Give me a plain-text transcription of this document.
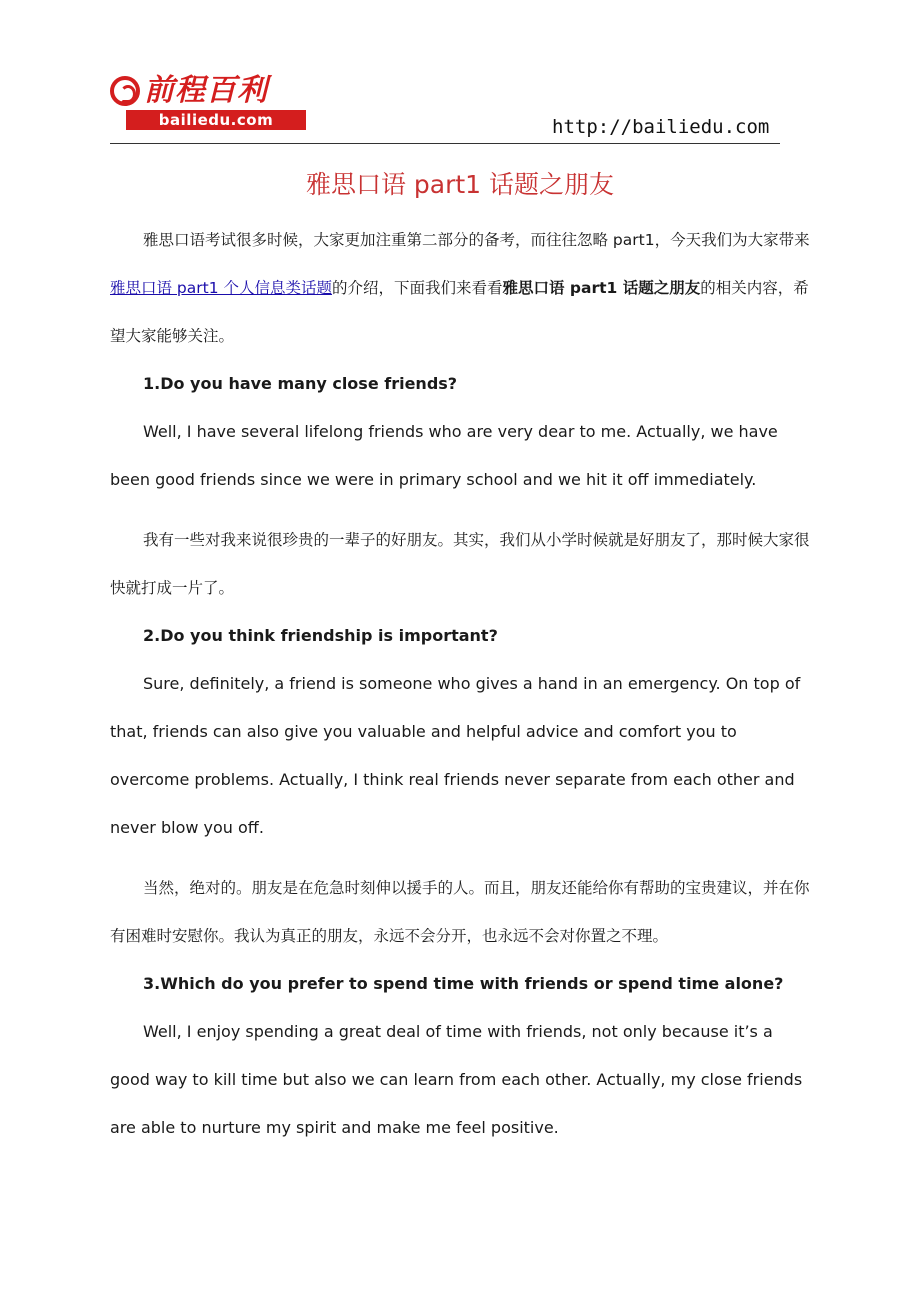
前程百利
bailiedu.com	http://bailiedu.com
雅思口语 part1 话题之朋友

雅思口语考试很多时候，大家更加注重第二部分的备考，而往往忽略 part1，今天我们为大家带来雅思口语 part1 个人信息类话题的介绍，下面我们来看看雅思口语 part1 话题之朋友的相关内容，希望大家能够关注。

1.Do you have many close friends?

Well, I have several lifelong friends who are very dear to me. Actually, we have been good friends since we were in primary school and we hit it off immediately.

我有一些对我来说很珍贵的一辈子的好朋友。其实，我们从小学时候就是好朋友了，那时候大家很快就打成一片了。

2.Do you think friendship is important?

Sure, definitely, a friend is someone who gives a hand in an emergency. On top of that, friends can also give you valuable and helpful advice and comfort you to overcome problems. Actually, I think real friends never separate from each other and never blow you off.

当然，绝对的。朋友是在危急时刻伸以援手的人。而且，朋友还能给你有帮助的宝贵建议，并在你有困难时安慰你。我认为真正的朋友，永远不会分开，也永远不会对你置之不理。

3.Which do you prefer to spend time with friends or spend time alone?

Well, I enjoy spending a great deal of time with friends, not only because it’s a good way to kill time but also we can learn from each other. Actually, my close friends are able to nurture my spirit and make me feel positive.
